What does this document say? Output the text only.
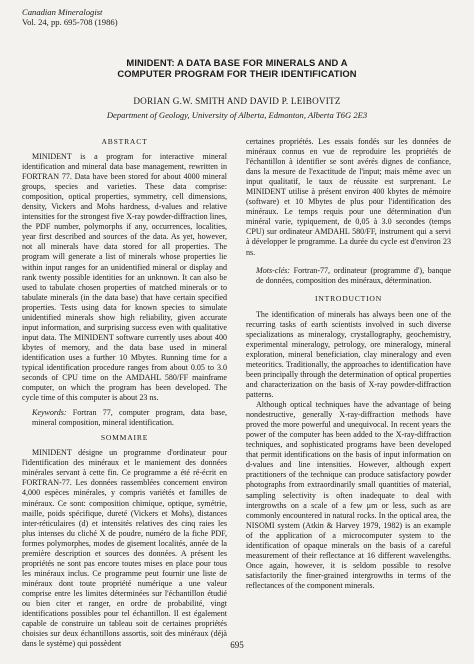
Canadian Mineralogist
Vol. 24, pp. 695-708 (1986)
MINIDENT: A DATA BASE FOR MINERALS AND A
COMPUTER PROGRAM FOR THEIR IDENTIFICATION
DORIAN G.W. SMITH AND DAVID P. LEIBOVITZ
Department of Geology, University of Alberta, Edmonton, Alberta T6G 2E3
ABSTRACT

MINIDENT is a program for interactive mineral identification and mineral data base management, rewritten in FORTRAN 77. Data have been stored for about 4000 mineral groups, species and varieties. These data comprise: composition, optical properties, symmetry, cell dimensions, density, Vickers and Mohs hardness, d-values and relative intensities for the strongest five X-ray powder-diffraction lines, the PDF number, polymorphs if any, occurrences, localities, year first described and sources of the data. As yet, however, not all minerals have data stored for all properties. The program will generate a list of minerals whose properties lie within input ranges for an unidentified mineral or display and rank twenty possible identities for an unknown. It can also be used to tabulate chosen properties of matched minerals or to tabulate minerals (in the data base) that have certain specified properties. Tests using data for known species to simulate unidentified minerals show high reliability, given accurate input information, and surprising success even with qualitative input data. The MINIDENT software currently uses about 400 kbytes of memory, and the data base used in mineral identification uses a further 10 Mbytes. Running time for a typical identification procedure ranges from about 0.05 to 3.0 seconds of CPU time on the AMDAHL 580/FF mainframe computer, on which the program has been developed. The cycle time of this computer is about 23 ns.

Keywords: Fortran 77, computer program, data base, mineral composition, mineral identification.

SOMMAIRE

MINIDENT désigne un programme d'ordinateur pour l'identification des minéraux et le maniement des données minérales servant à cette fin. Ce programme a été ré-écrit en FORTRAN-77. Les données rassemblées concernent environ 4,000 espèces minérales, y compris variétés et familles de minéraux. Ce sont: composition chimique, optique, symétrie, maille, poids spécifique, dureté (Vickers et Mohs), distances inter-réticulaires (d) et intensités relatives des cinq raies les plus intenses du cliché X de poudre, numéro de la fiche PDF, formes polymorphes, modes de gisement localités, année de la première description et sources des données. A présent les propriétés ne sont pas encore toutes mises en place pour tous les minéraux inclus. Ce programme peut fournir une liste de minéraux dont toute propriété numérique a une valeur comprise entre les limites déterminées sur l'échantillon étudié ou bien citer et ranger, en ordre de probabilité, vingt identifications possibles pour tel échantillon. Il est également capable de construire un tableau soit de certaines propriétés choisies sur deux échantillons assortis, soit des minéraux (déjà dans le système) qui possèdent

certaines propriétés. Les essais fondés sur les données de minéraux connus en vue de reproduire les propriétés de l'échantillon à identifier se sont avérés dignes de confiance, dans la mesure de l'exactitude de l'input; mais même avec un input qualitatif, le taux de réussite est surprenant. Le MINIDENT utilise à présent environ 400 kbytes de mémoire (software) et 10 Mbytes de plus pour l'identification des minéraux. Le temps requis pour une détermination d'un minéral varie, typiquement, de 0,05 à 3.0 secondes (temps CPU) sur ordinateur AMDAHL 580/FF, instrument qui a servi à développer le programme. La durée du cycle est d'environ 23 ns.

Mots-clés: Fortran-77, ordinateur (programme d'), banque de données, composition des minéraux, détermination.

INTRODUCTION

The identification of minerals has always been one of the recurring tasks of earth scientists involved in such diverse specializations as mineralogy, crystallography, geochemistry, experimental mineralogy, petrology, ore mineralogy, mineral exploration, mineral beneficiation, clay mineralogy and even meteoritics. Traditionally, the approaches to identification have been principally through the determination of optical properties and characterization on the basis of X-ray powder-diffraction patterns.

Although optical techniques have the advantage of being nondestructive, generally X-ray-diffraction methods have proved the more powerful and unequivocal. In recent years the power of the computer has been added to the X-ray-diffraction techniques, and sophisticated programs have been developed that permit identifications on the basis of input information on d-values and line intensities. However, although expert practitioners of the technique can produce satisfactory powder photographs from extraordinarily small quantities of material, sampling selectivity is often inadequate to deal with intergrowths on a scale of a few μm or less, such as are commonly encountered in natural rocks. In the optical area, the NISOMI system (Atkin & Harvey 1979, 1982) is an example of the application of a microcomputer system to the identification of opaque minerals on the basis of a careful measurement of their reflectance at 16 different wavelengths. Once again, however, it is seldom possible to resolve satisfactorily the finer-grained intergrowths in terms of the reflectances of the component minerals.

695
